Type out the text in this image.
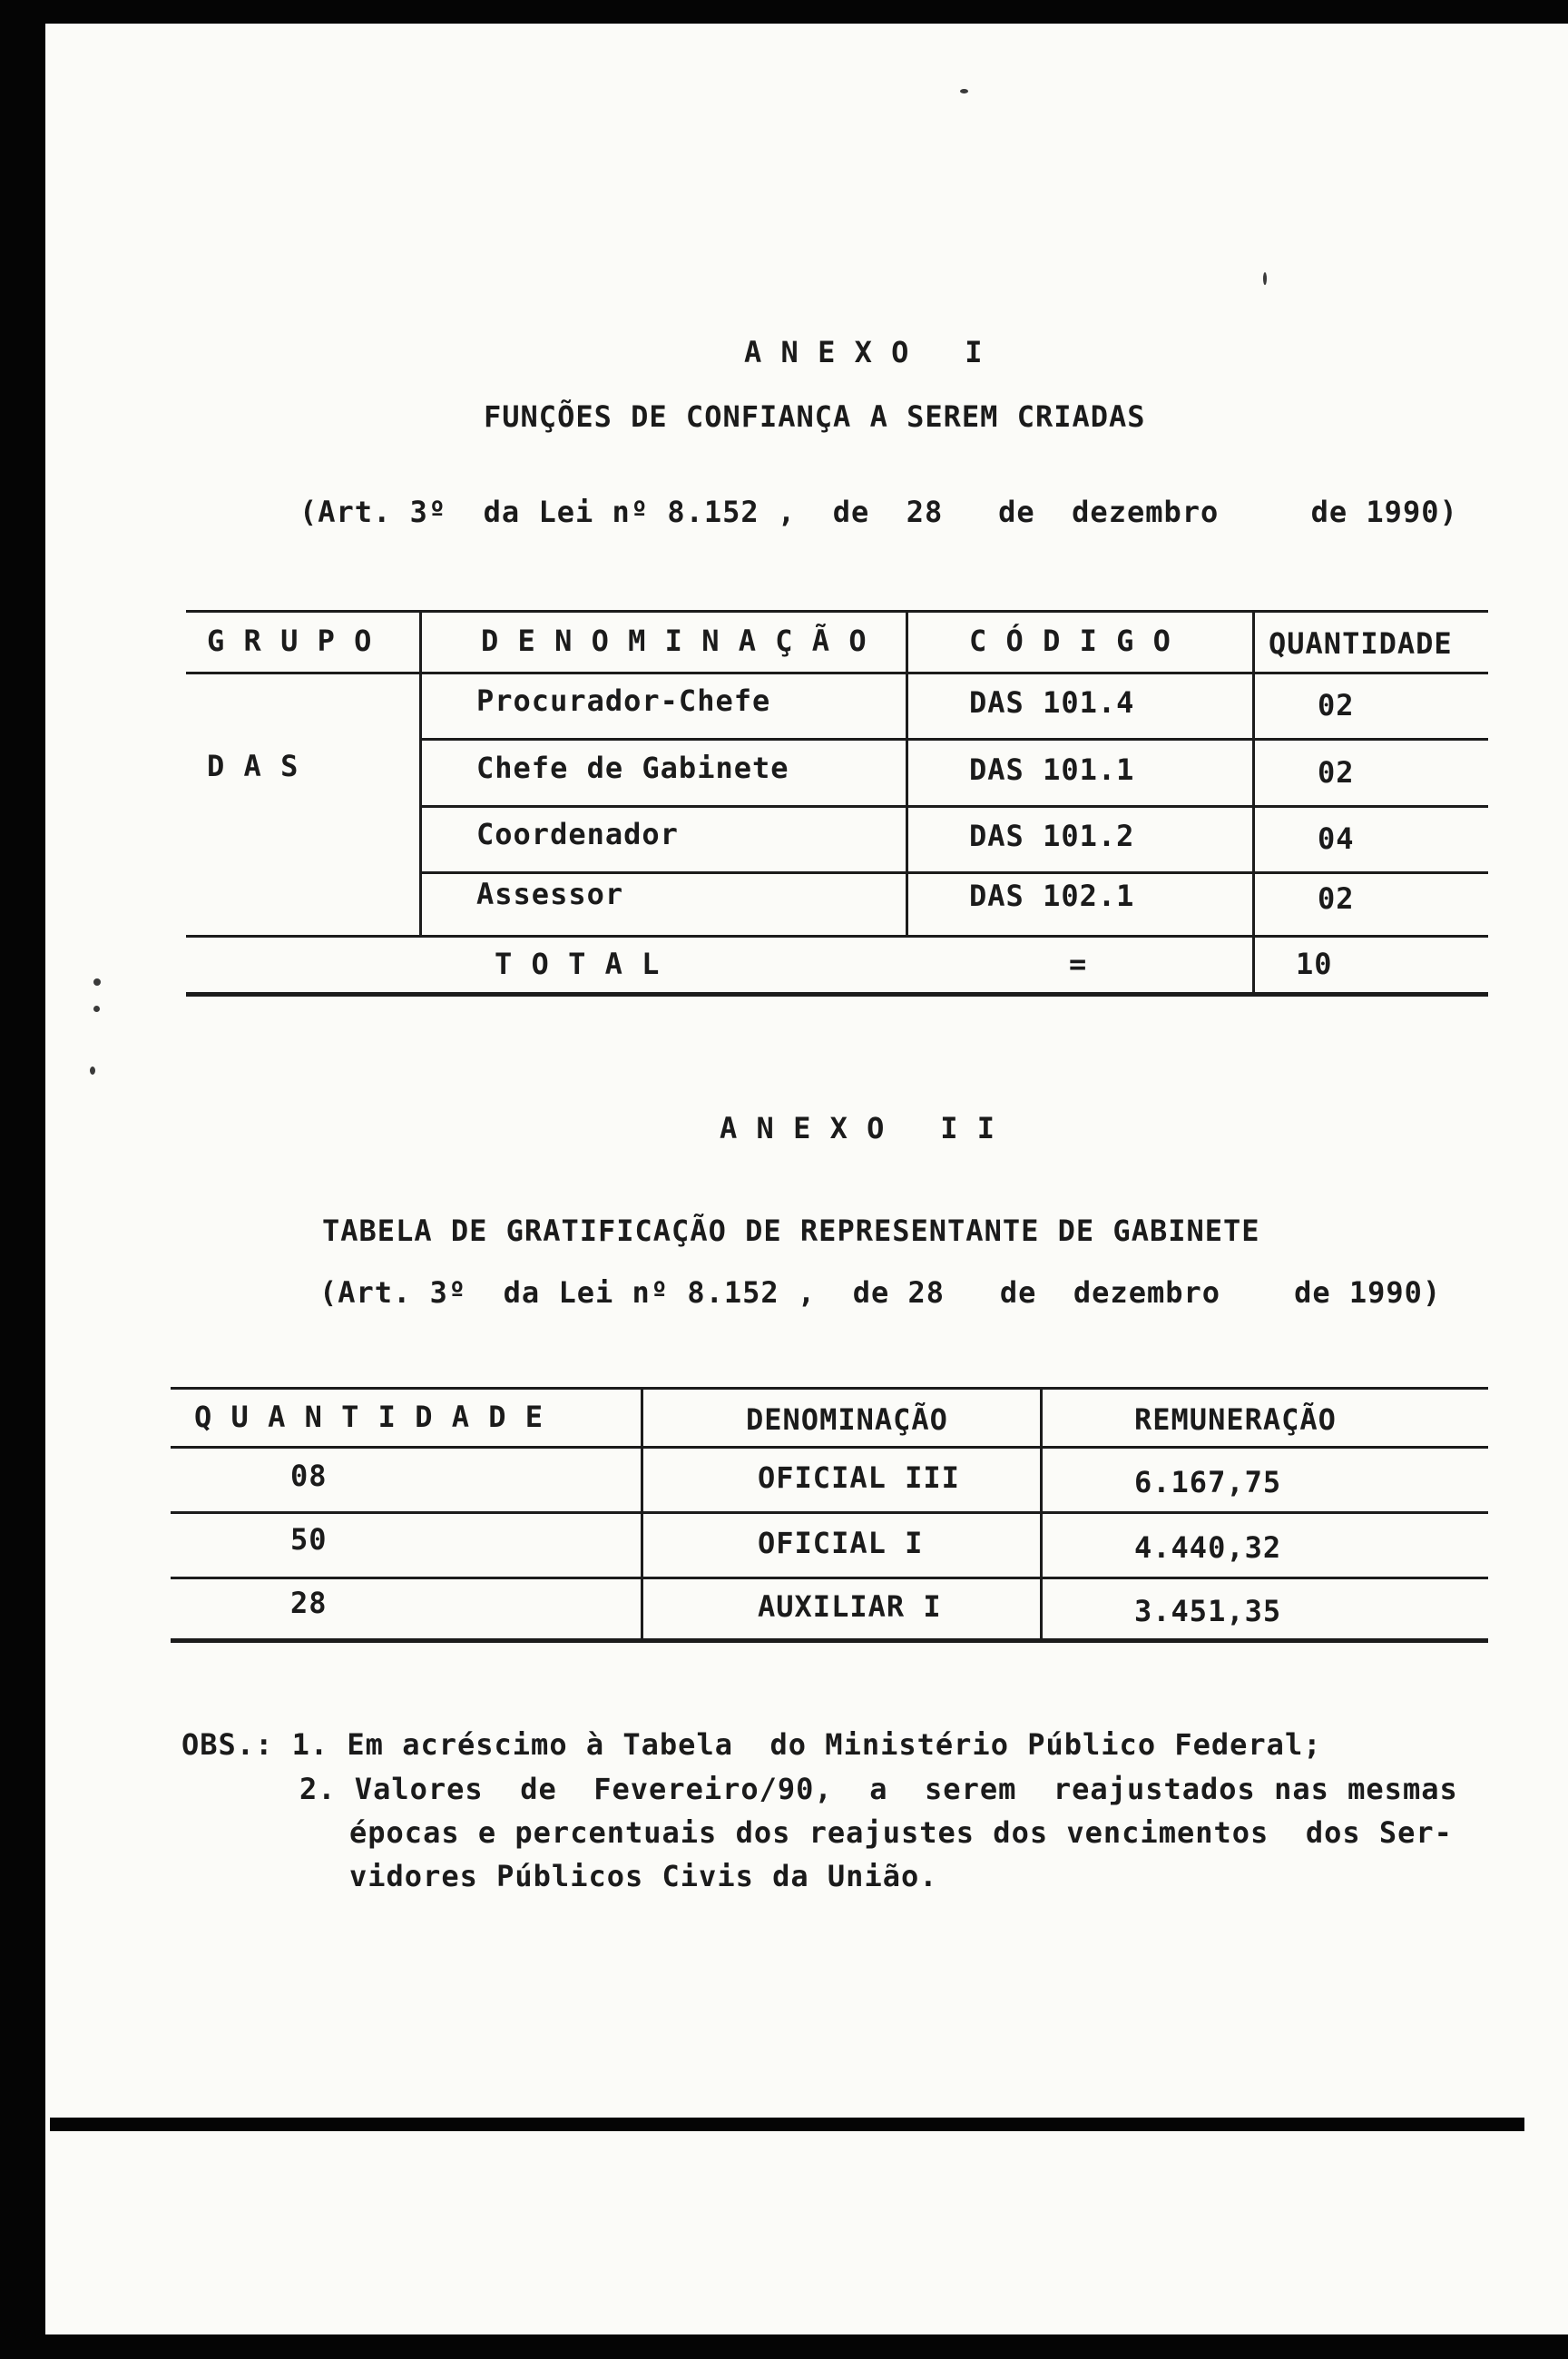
A N E X O   I
FUNÇÕES DE CONFIANÇA A SEREM CRIADAS
(Art. 3º  da Lei nº 8.152 ,  de  28   de  dezembro     de 1990)
G R U P O	D E N O M I N A Ç Ã O	C Ó D I G O	QUANTIDADE
D A S
Procurador-Chefe	DAS 101.4	02
Chefe de Gabinete	DAS 101.1	02
Coordenador	DAS 101.2	04
Assessor	DAS 102.1	02
T O T A L	=	10
A N E X O   I I
TABELA DE GRATIFICAÇÃO DE REPRESENTANTE DE GABINETE
(Art. 3º  da Lei nº 8.152 ,  de 28   de  dezembro    de 1990)
Q U A N T I D A D E	DENOMINAÇÃO	REMUNERAÇÃO
08	OFICIAL III	6.167,75
50	OFICIAL I	4.440,32
28	AUXILIAR I	3.451,35
OBS.: 1. Em acréscimo à Tabela  do Ministério Público Federal;
2. Valores  de  Fevereiro/90,  a  serem  reajustados nas mesmas
épocas e percentuais dos reajustes dos vencimentos  dos Ser-
vidores Públicos Civis da União.
